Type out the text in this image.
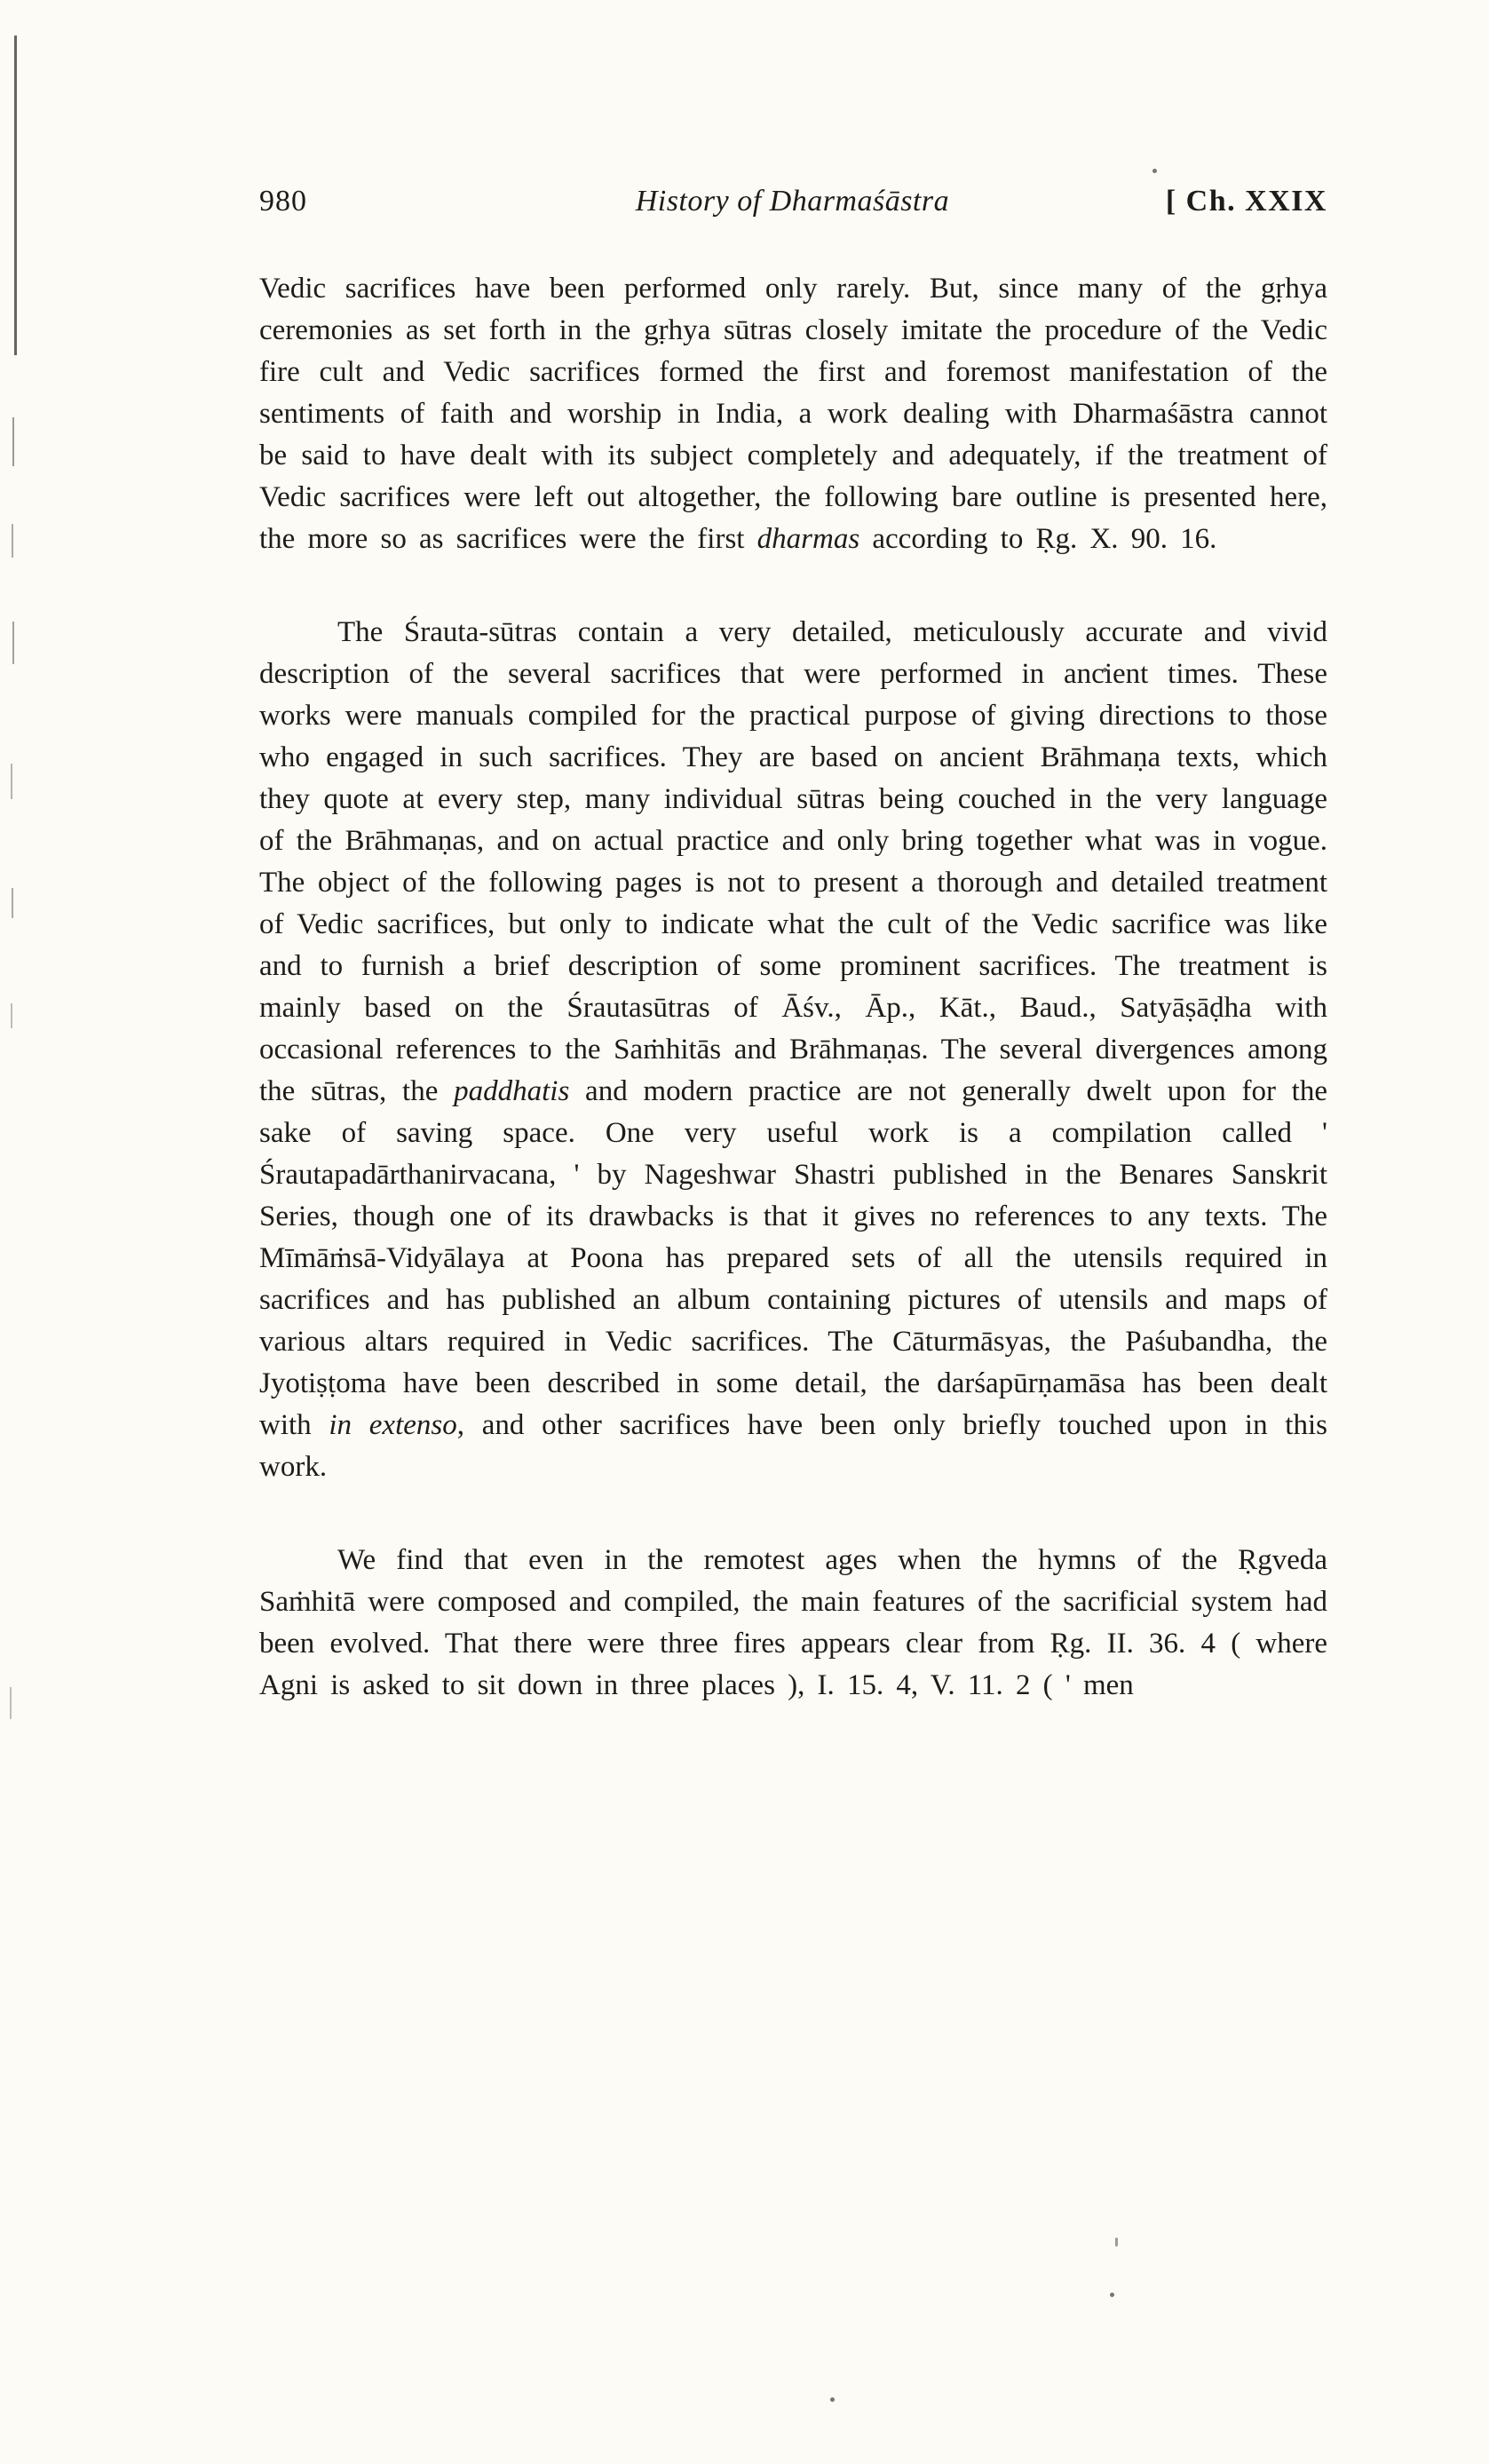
980	History of Dharmaśāstra	[ Ch. XXIX

Vedic sacrifices have been performed only rarely. But, since many of the gṛhya ceremonies as set forth in the gṛhya sūtras closely imitate the procedure of the Vedic fire cult and Vedic sacrifices formed the first and foremost manifestation of the sentiments of faith and worship in India, a work dealing with Dharmaśāstra cannot be said to have dealt with its subject completely and adequately, if the treatment of Vedic sacrifices were left out altogether, the following bare outline is presented here, the more so as sacrifices were the first dharmas according to Ṛg. X. 90. 16.

The Śrauta-sūtras contain a very detailed, meticulously accurate and vivid description of the several sacrifices that were performed in ancient times. These works were manuals compiled for the practical purpose of giving directions to those who engaged in such sacrifices. They are based on ancient Brāhmaṇa texts, which they quote at every step, many individual sūtras being couched in the very language of the Brāhmaṇas, and on actual practice and only bring together what was in vogue. The object of the following pages is not to present a thorough and detailed treatment of Vedic sacrifices, but only to indicate what the cult of the Vedic sacrifice was like and to furnish a brief description of some prominent sacrifices. The treatment is mainly based on the Śrautasūtras of Āśv., Āp., Kāt., Baud., Satyāṣāḍha with occasional references to the Saṁhitās and Brāhmaṇas. The several divergences among the sūtras, the paddhatis and modern practice are not generally dwelt upon for the sake of saving space. One very useful work is a compilation called ' Śrautapadārthanirvacana, ' by Nageshwar Shastri published in the Benares Sanskrit Series, though one of its drawbacks is that it gives no references to any texts. The Mīmāṁsā-Vidyālaya at Poona has prepared sets of all the utensils required in sacrifices and has published an album containing pictures of utensils and maps of various altars required in Vedic sacrifices. The Cāturmāsyas, the Paśubandha, the Jyotiṣṭoma have been described in some detail, the darśapūrṇamāsa has been dealt with in extenso, and other sacrifices have been only briefly touched upon in this work.

We find that even in the remotest ages when the hymns of the Ṛgveda Saṁhitā were composed and compiled, the main features of the sacrificial system had been evolved. That there were three fires appears clear from Ṛg. II. 36. 4 ( where Agni is asked to sit down in three places ), I. 15. 4, V. 11. 2 ( ' men
